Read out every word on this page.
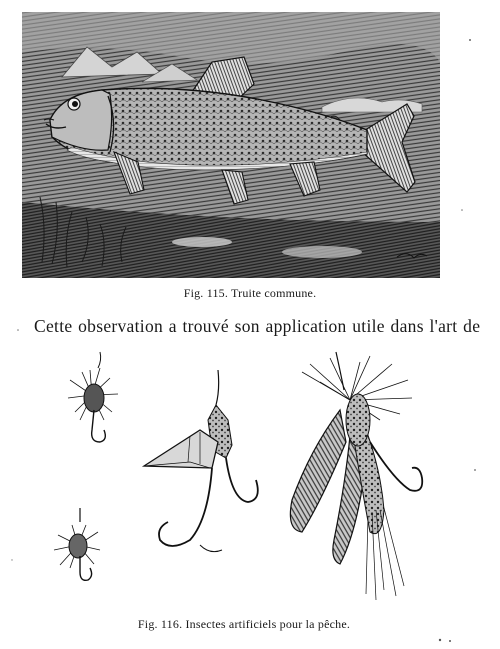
Fig. 115. Truite commune.
Cette observation a trouvé son application utile dans l'art de
Fig. 116. Insectes artificiels pour la pêche.
